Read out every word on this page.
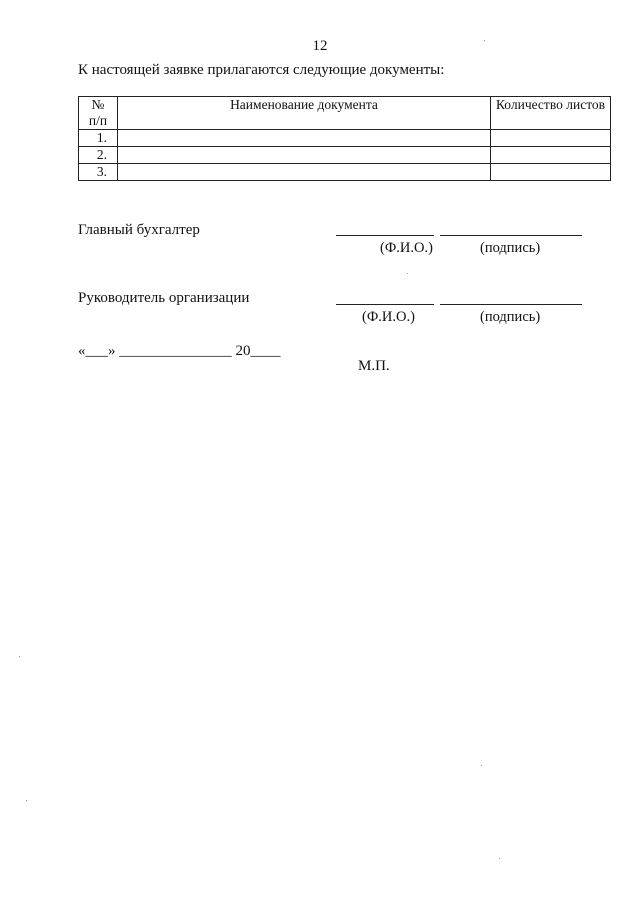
12
К настоящей заявке прилагаются следующие документы:
№
п/п	Наименование документа	Количество листов
1.		
2.		
3.		
Главный бухгалтер
(Ф.И.О.)	(подпись)
Руководитель организации
(Ф.И.О.)	(подпись)
«___» _______________ 20____
М.П.
